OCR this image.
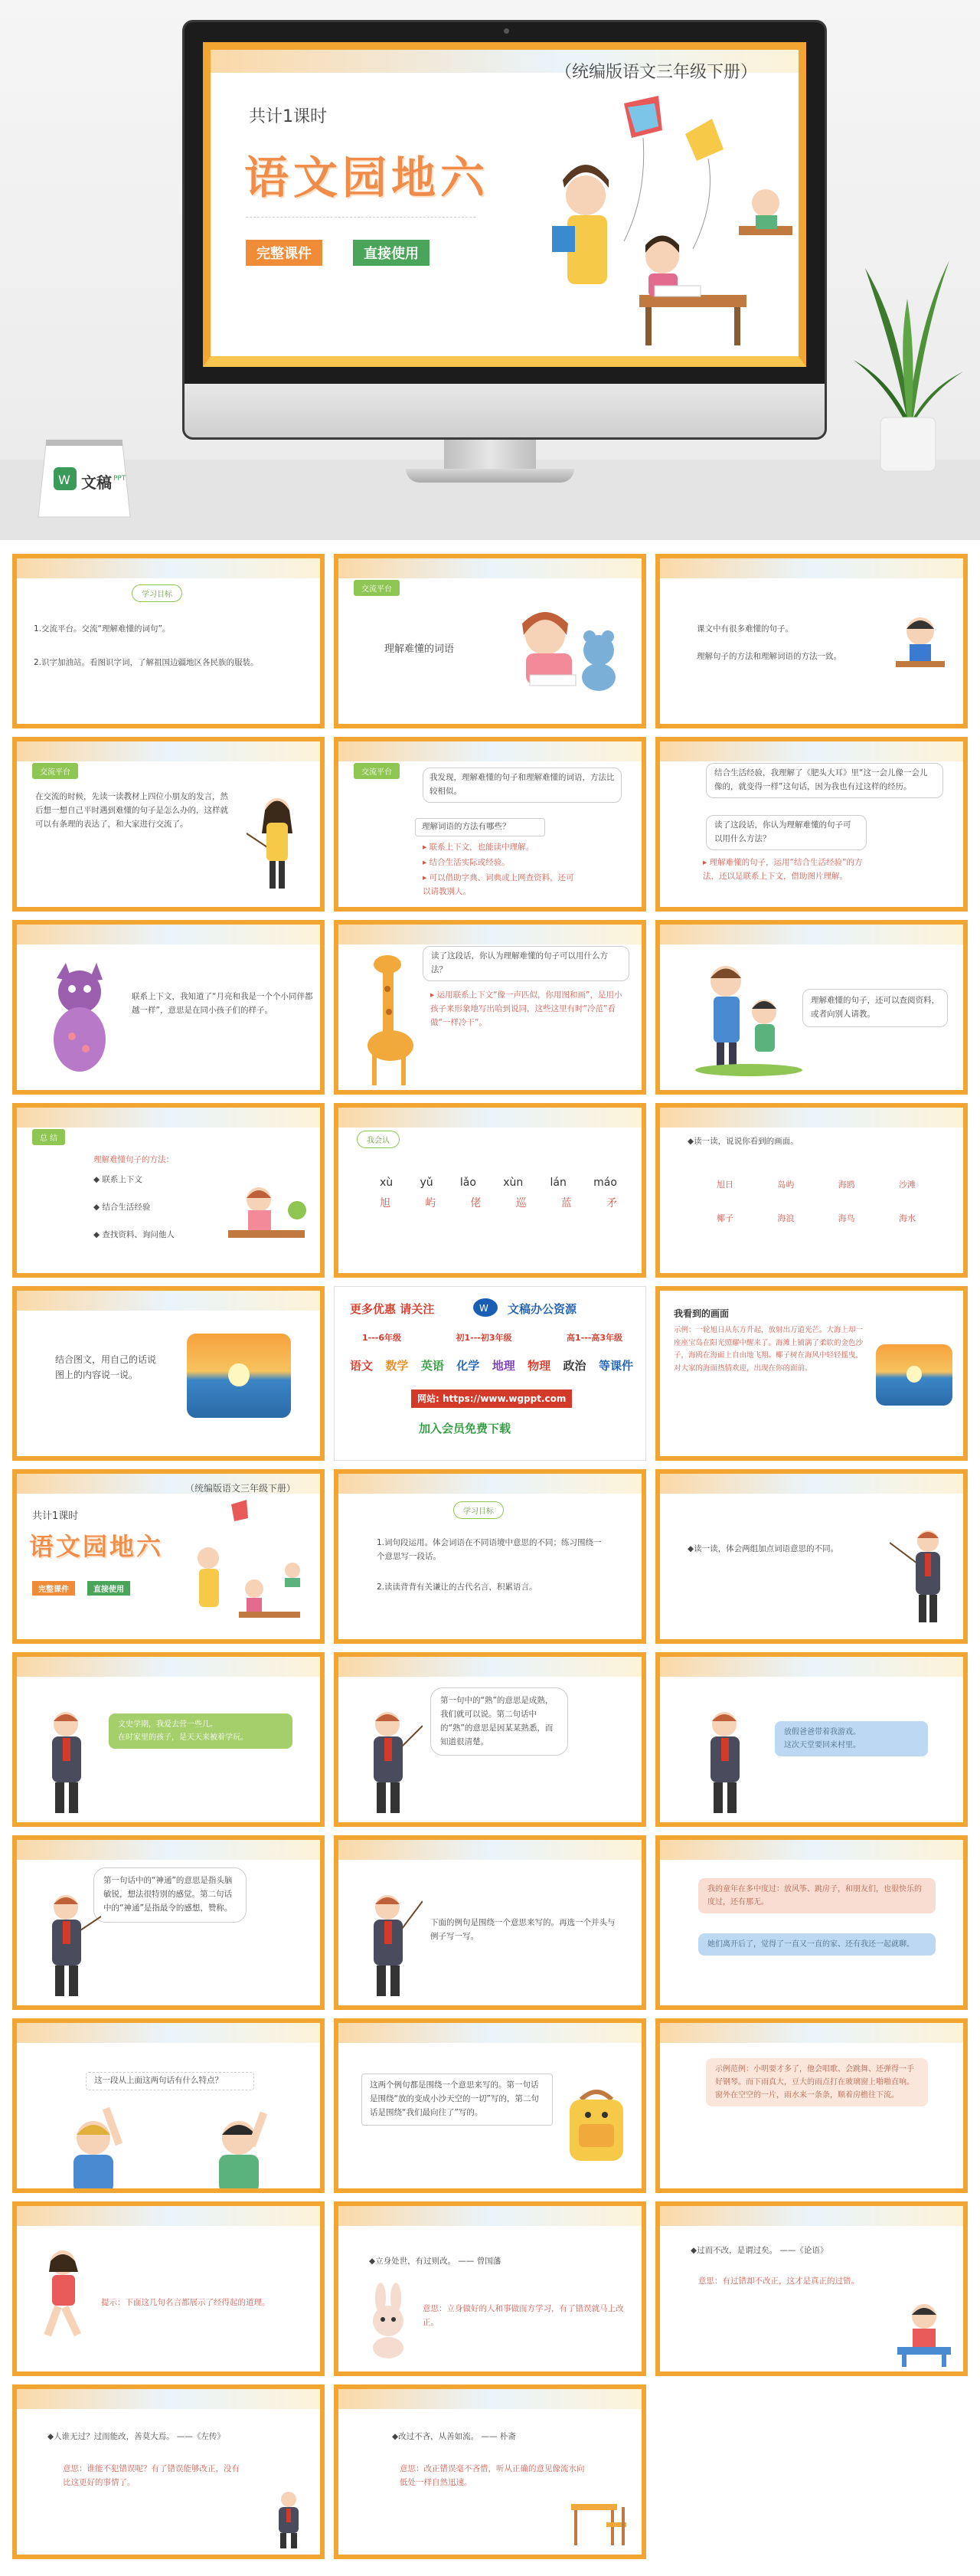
W 文稿 PPT
（统编版语文三年级下册）
共计1课时
语文园地六
完整课件	直接使用
学习目标
1.交流平台。交流“理解难懂的词句”。
2.识字加油站。看图识字词，了解祖国边疆地区各民族的服装。
交流平台
理解难懂的词语
课文中有很多难懂的句子。
理解句子的方法和理解词语的方法一致。
交流平台
在交流的时候，先读一读教材上四位小朋友的发言，然后想一想自己平时遇到难懂的句子是怎么办的，这样就可以有条理的表达了，和大家进行交流了。
交流平台
我发现，理解难懂的句子和理解难懂的词语，方法比较相似。
理解词语的方法有哪些？
▸ 联系上下文，也能读中理解。
▸ 结合生活实际或经验。
▸ 可以借助字典、词典或上网查资料，还可以请教别人。
结合生活经验，我理解了《肥头大耳》里“这一会儿像一会儿像的，就变得一样”这句话，因为我也有过这样的经历。
读了这段话，你认为理解难懂的句子可以用什么方法？
▸ 理解难懂的句子，运用“结合生活经验”的方法，还以是联系上下文，借助图片理解。
联系上下文，我知道了“月亮和我是一个个小同伴都越一样”，意思是在同小孩子们的样子。
读了这段话，你认为理解难懂的句子可以用什么方法？
▸ 运用联系上下文“像一声匹似，你用图和画”，是用小孩子来形象地写出哈到说同，这些这里有时“冷范”看做“一样冷干”。
理解难懂的句子，还可以查阅资料，或者向别人请教。
总 结
理解难懂句子的方法：
◆ 联系上下文
◆ 结合生活经验
◆ 查找资料、询问他人
我会认
xù	yǔ	lǎo	xùn	lán	máo
旭	屿	佬	巡	蓝	矛
◆读一读，说说你看到的画面。
旭日	岛屿	海鸥	沙滩
椰子	海浪	海鸟	海水
结合图文，用自己的话说图上的内容说一说。
更多优惠 请关注	W 文稿办公资源
1---6年级	初1---初3年级	高1---高3年级
语文 数学 英语 化学 地理 物理 政治 等课件
网站: https://www.wgppt.com
加入会员免费下载
我看到的画面
示例：一轮旭日从东方升起，放射出万道光芒。大海上却一座座宝岛在阳光照耀中醒来了。海滩上铺满了柔软的金色沙子，海鸥在海面上自由地飞翔。椰子树在海风中轻轻摇曳，对大家的海面热情欢迎，出现在你的面前。
（统编版语文三年级下册）
共计1课时
语文园地六
完整课件	直接使用
学习目标
1.词句段运用。体会词语在不同语境中意思的不同；练习围绕一个意思写一段话。
2.读读背背有关谦让的古代名言，积累语言。
◆读一读，体会两组加点词语意思的不同。
文史学期，我爱去营一些几。
在时家里的孩子，是天天来被着学玩。
第一句中的“熟”的意思是成熟，我们就可以说。第二句话中的“熟”的意思是因某某熟悉，而知道很清楚。
放假爸爸带着我游戏。
这次天堂要回来村里。
第一句话中的“神通”的意思是指头脑敏锐，想法很特别的感觉。第二句话中的“神通”是指最令的感想，赞称。
下面的例句是围绕一个意思来写的。再选一个并头与例子写一写。
我的童年在多中度过：放风筝、跳房子，和朋友们，也很快乐的度过，还有那无。
她们离开后了，觉得了一直又一直的家、还有我还一起就聊。
这一段从上面这两句话有什么特点？	这两个例句都是围绕一个意思来写的。第一句话是围绕“放的变成小沙天空的一切”写的，第二句话是围绕“我们最向往了”写的。
示例范例：小明要才多了，他会唱歌、会跳舞、还弹得一手好钢琴。而下雨真大，豆大的雨点打在玻璃窗上啪啪直响。窗外在空空的一片，雨水来一条条，顺着房檐往下流。
提示：下面这几句名言都展示了经得起的道理。
◆立身处世，有过则改。 —— 曾国藩
意思：立身做好的人和事做而方学习，有了错误就马上改正。
◆过而不改，是谓过矣。 ——《论语》
意思：有过错却不改正，这才是真正的过错。
◆人谁无过？过而能改，善莫大焉。 ——《左传》
意思：谁能不犯错误呢？有了错误能够改正，没有比这更好的事情了。
◆改过不吝，从善如流。 —— 朴斋
意思：改正错误毫不吝惜，听从正确的意见像流水向低处一样自然迅速。
